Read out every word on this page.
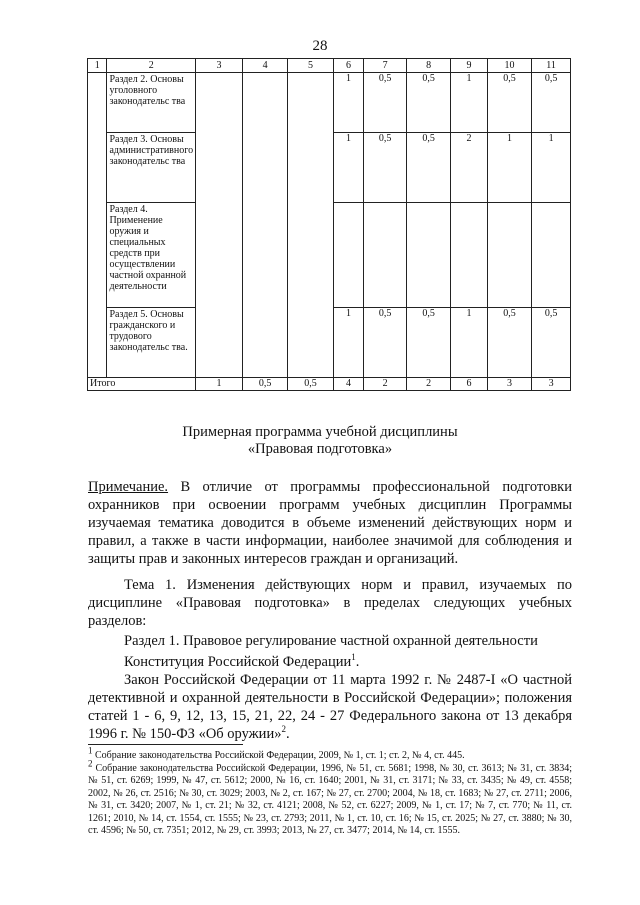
28
1	2	3	4	5	6	7	8	9	10	11
	Раздел 2. Основы уголовного законодательс тва				1	0,5	0,5	1	0,5	0,5
	Раздел 3. Основы административного законодательс тва				1	0,5	0,5	2	1	1
	Раздел 4. Применение оружия и специальных средств при осуществлении частной охранной деятельности									
	Раздел 5. Основы гражданского и трудового законодательс тва.				1	0,5	0,5	1	0,5	0,5
Итого		1	0,5	0,5	4	2	2	6	3	3
Примерная программа учебной дисциплины
«Правовая подготовка»
Примечание. В отличие от программы профессиональной подготовки охранников при освоении программ учебных дисциплин Программы изучаемая тематика доводится в объеме изменений действующих норм и правил, а также в части информации, наиболее значимой для соблюдения и защиты прав и законных интересов граждан и организаций.
Тема 1. Изменения действующих норм и правил, изучаемых по дисциплине «Правовая подготовка» в пределах следующих учебных разделов:
Раздел 1. Правовое регулирование частной охранной деятельности
Конституция Российской Федерации$^1$.
Закон Российской Федерации от 11 марта 1992 г. № 2487-I «О частной детективной и охранной деятельности в Российской Федерации»; положения статей 1 - 6, 9, 12, 13, 15, 21, 22, 24 - 27 Федерального закона от 13 декабря 1996 г. № 150-ФЗ «Об оружии»$^2$.
$^1$ Собрание законодательства Российской Федерации, 2009, № 1, ст. 1; ст. 2, № 4, ст. 445.
$^2$ Собрание законодательства Российской Федерации, 1996, № 51, ст. 5681; 1998, № 30, ст. 3613; № 31, ст. 3834; № 51, ст. 6269; 1999, № 47, ст. 5612; 2000, № 16, ст. 1640; 2001, № 31, ст. 3171; № 33, ст. 3435; № 49, ст. 4558; 2002, № 26, ст. 2516; № 30, ст. 3029; 2003, № 2, ст. 167; № 27, ст. 2700; 2004, № 18, ст. 1683; № 27, ст. 2711; 2006, № 31, ст. 3420; 2007, № 1, ст. 21; № 32, ст. 4121; 2008, № 52, ст. 6227; 2009, № 1, ст. 17; № 7, ст. 770; № 11, ст. 1261; 2010, № 14, ст. 1554, ст. 1555; № 23, ст. 2793; 2011, № 1, ст. 10, ст. 16; № 15, ст. 2025; № 27, ст. 3880; № 30, ст. 4596; № 50, ст. 7351; 2012, № 29, ст. 3993; 2013, № 27, ст. 3477; 2014, № 14, ст. 1555.
